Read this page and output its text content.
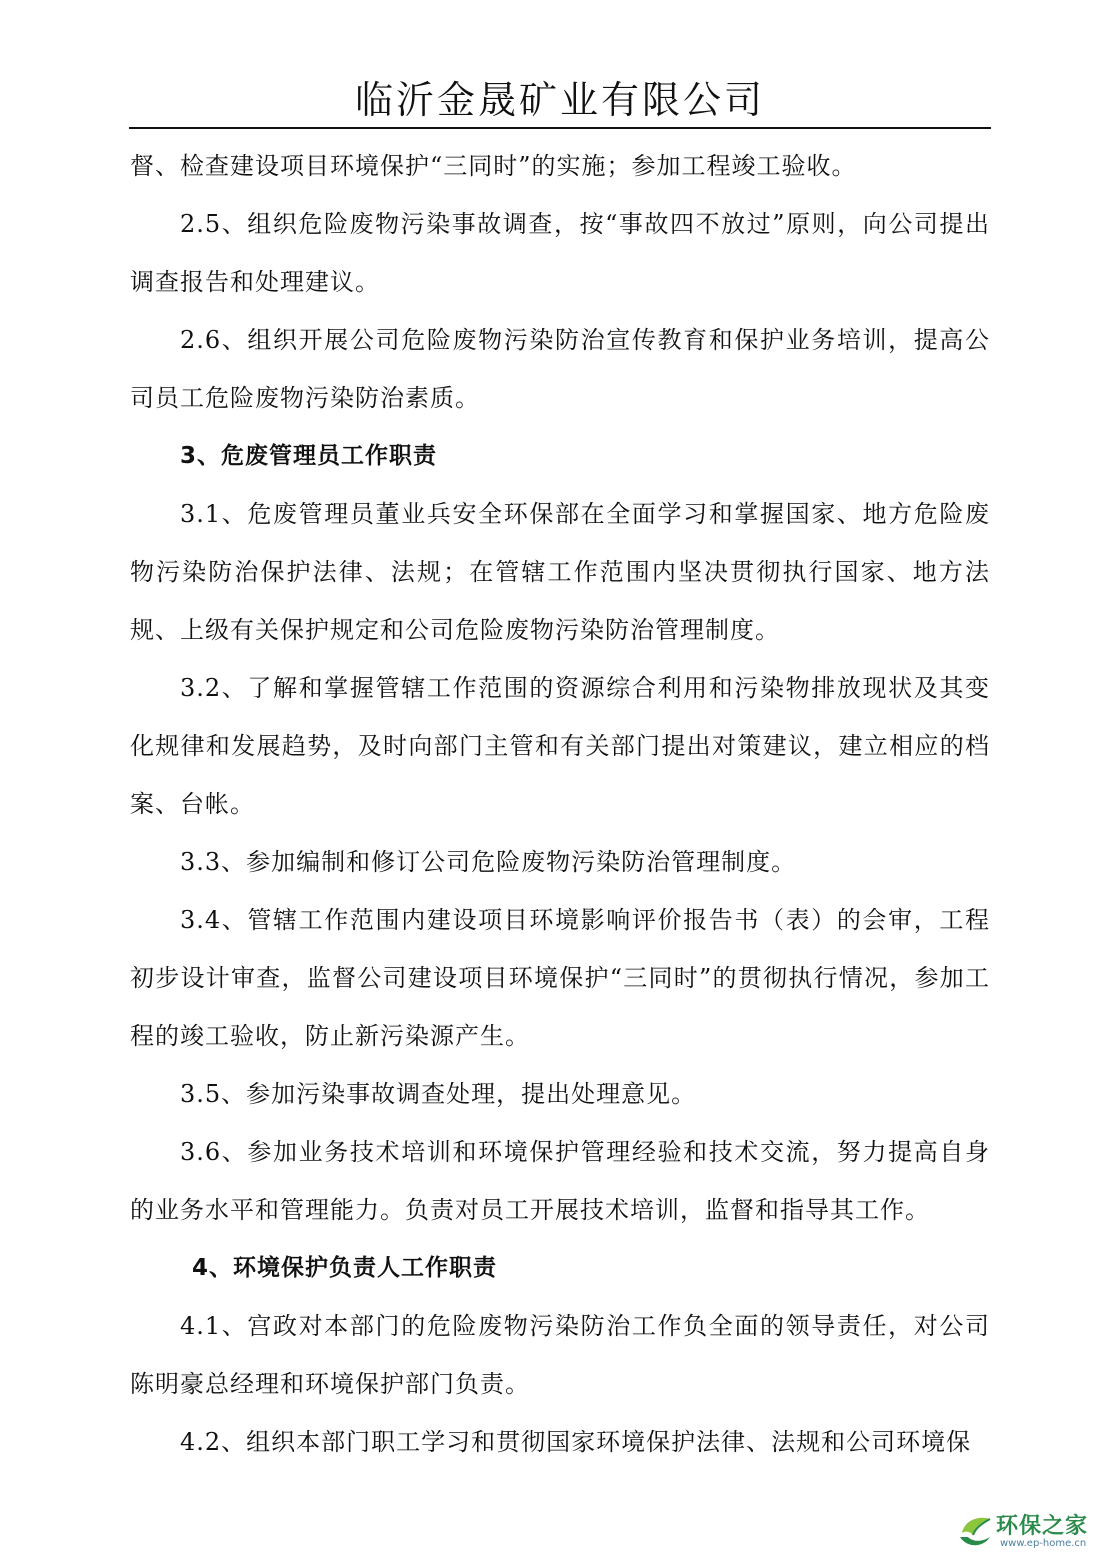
临沂金晟矿业有限公司

督、检查建设项目环境保护“三同时”的实施；参加工程竣工验收。

2.5、组织危险废物污染事故调查，按“事故四不放过”原则，向公司提出调查报告和处理建议。

2.6、组织开展公司危险废物污染防治宣传教育和保护业务培训，提高公司员工危险废物污染防治素质。

3、危废管理员工作职责

3.1、危废管理员董业兵安全环保部在全面学习和掌握国家、地方危险废物污染防治保护法律、法规；在管辖工作范围内坚决贯彻执行国家、地方法规、上级有关保护规定和公司危险废物污染防治管理制度。

3.2、了解和掌握管辖工作范围的资源综合利用和污染物排放现状及其变化规律和发展趋势，及时向部门主管和有关部门提出对策建议，建立相应的档案、台帐。

3.3、参加编制和修订公司危险废物污染防治管理制度。

3.4、管辖工作范围内建设项目环境影响评价报告书（表）的会审，工程初步设计审查，监督公司建设项目环境保护“三同时”的贯彻执行情况，参加工程的竣工验收，防止新污染源产生。

3.5、参加污染事故调查处理，提出处理意见。

3.6、参加业务技术培训和环境保护管理经验和技术交流，努力提高自身的业务水平和管理能力。负责对员工开展技术培训，监督和指导其工作。

4、环境保护负责人工作职责

4.1、宫政对本部门的危险废物污染防治工作负全面的领导责任，对公司陈明豪总经理和环境保护部门负责。

4.2、组织本部门职工学习和贯彻国家环境保护法律、法规和公司环境保

环保之家
www.ep-home.cn
